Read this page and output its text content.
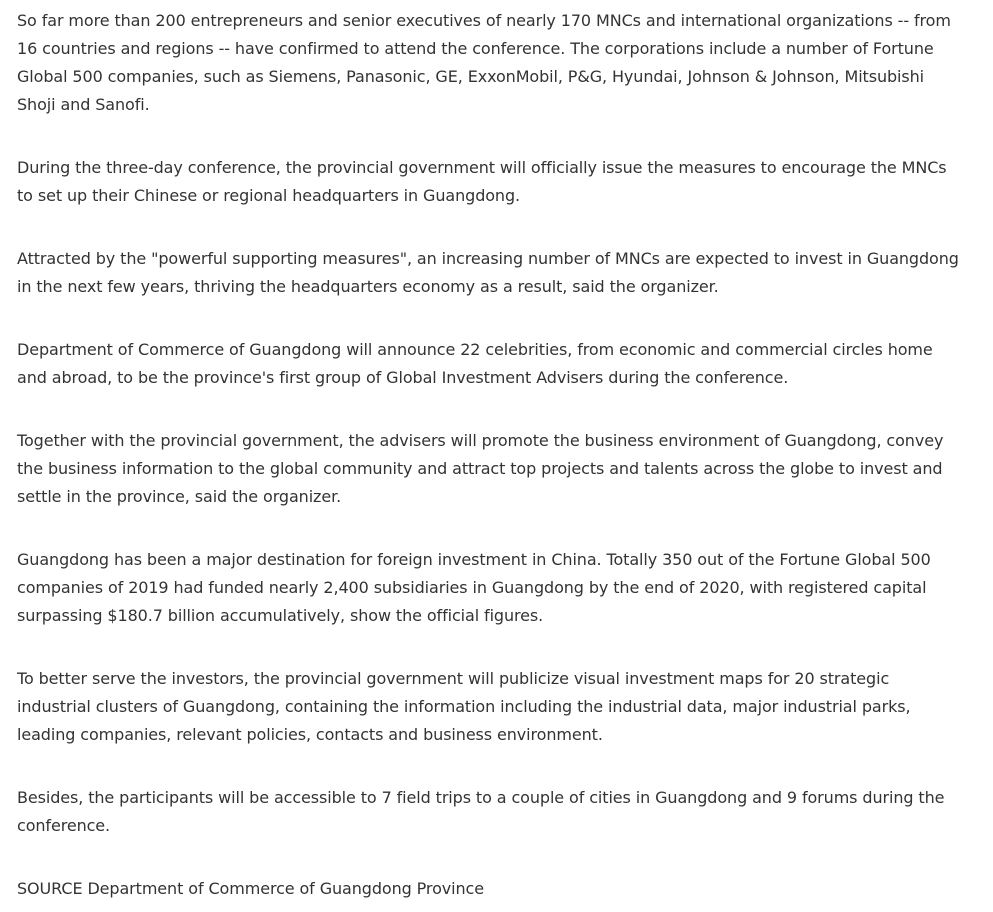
So far more than 200 entrepreneurs and senior executives of nearly 170 MNCs and international organizations -- from 16 countries and regions -- have confirmed to attend the conference. The corporations include a number of Fortune Global 500 companies, such as Siemens, Panasonic, GE, ExxonMobil, P&G, Hyundai, Johnson & Johnson, Mitsubishi Shoji and Sanofi.

During the three-day conference, the provincial government will officially issue the measures to encourage the MNCs to set up their Chinese or regional headquarters in Guangdong.

Attracted by the "powerful supporting measures", an increasing number of MNCs are expected to invest in Guangdong in the next few years, thriving the headquarters economy as a result, said the organizer.

Department of Commerce of Guangdong will announce 22 celebrities, from economic and commercial circles home and abroad, to be the province's first group of Global Investment Advisers during the conference.

Together with the provincial government, the advisers will promote the business environment of Guangdong, convey the business information to the global community and attract top projects and talents across the globe to invest and settle in the province, said the organizer.

Guangdong has been a major destination for foreign investment in China. Totally 350 out of the Fortune Global 500 companies of 2019 had funded nearly 2,400 subsidiaries in Guangdong by the end of 2020, with registered capital surpassing $180.7 billion accumulatively, show the official figures.

To better serve the investors, the provincial government will publicize visual investment maps for 20 strategic industrial clusters of Guangdong, containing the information including the industrial data, major industrial parks, leading companies, relevant policies, contacts and business environment.

Besides, the participants will be accessible to 7 field trips to a couple of cities in Guangdong and 9 forums during the conference.

SOURCE Department of Commerce of Guangdong Province
